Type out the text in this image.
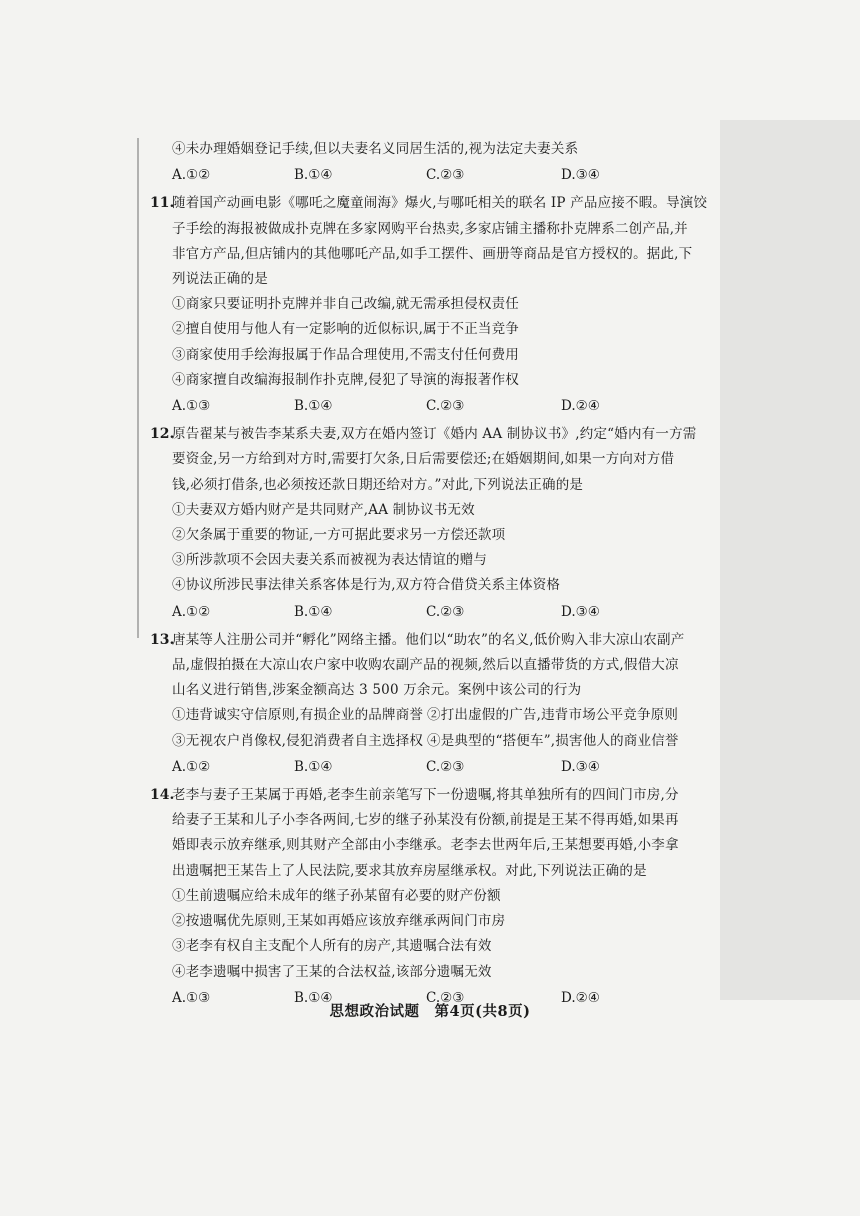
④未办理婚姻登记手续,但以夫妻名义同居生活的,视为法定夫妻关系
A.①②	B.①④	C.②③	D.③④
11.
随着国产动画电影《哪吒之魔童闹海》爆火,与哪吒相关的联名 IP 产品应接不暇。导演饺
子手绘的海报被做成扑克牌在多家网购平台热卖,多家店铺主播称扑克牌系二创产品,并
非官方产品,但店铺内的其他哪吒产品,如手工摆件、画册等商品是官方授权的。据此,下
列说法正确的是
①商家只要证明扑克牌并非自己改编,就无需承担侵权责任
②擅自使用与他人有一定影响的近似标识,属于不正当竞争
③商家使用手绘海报属于作品合理使用,不需支付任何费用
④商家擅自改编海报制作扑克牌,侵犯了导演的海报著作权
A.①③	B.①④	C.②③	D.②④
12.
原告翟某与被告李某系夫妻,双方在婚内签订《婚内 AA 制协议书》,约定“婚内有一方需
要资金,另一方给到对方时,需要打欠条,日后需要偿还;在婚姻期间,如果一方向对方借
钱,必须打借条,也必须按还款日期还给对方。”对此,下列说法正确的是
①夫妻双方婚内财产是共同财产,AA 制协议书无效
②欠条属于重要的物证,一方可据此要求另一方偿还款项
③所涉款项不会因夫妻关系而被视为表达情谊的赠与
④协议所涉民事法律关系客体是行为,双方符合借贷关系主体资格
A.①②	B.①④	C.②③	D.③④
13.
唐某等人注册公司并“孵化”网络主播。他们以“助农”的名义,低价购入非大凉山农副产
品,虚假拍摄在大凉山农户家中收购农副产品的视频,然后以直播带货的方式,假借大凉
山名义进行销售,涉案金额高达 3 500 万余元。案例中该公司的行为
①违背诚实守信原则,有损企业的品牌商誉 ②打出虚假的广告,违背市场公平竞争原则
③无视农户肖像权,侵犯消费者自主选择权 ④是典型的“搭便车”,损害他人的商业信誉
A.①②	B.①④	C.②③	D.③④
14.
老李与妻子王某属于再婚,老李生前亲笔写下一份遗嘱,将其单独所有的四间门市房,分
给妻子王某和儿子小李各两间,七岁的继子孙某没有份额,前提是王某不得再婚,如果再
婚即表示放弃继承,则其财产全部由小李继承。老李去世两年后,王某想要再婚,小李拿
出遗嘱把王某告上了人民法院,要求其放弃房屋继承权。对此,下列说法正确的是
①生前遗嘱应给未成年的继子孙某留有必要的财产份额
②按遗嘱优先原则,王某如再婚应该放弃继承两间门市房
③老李有权自主支配个人所有的房产,其遗嘱合法有效
④老李遗嘱中损害了王某的合法权益,该部分遗嘱无效
A.①③	B.①④	C.②③	D.②④
思想政治试题　第4页(共8页)
